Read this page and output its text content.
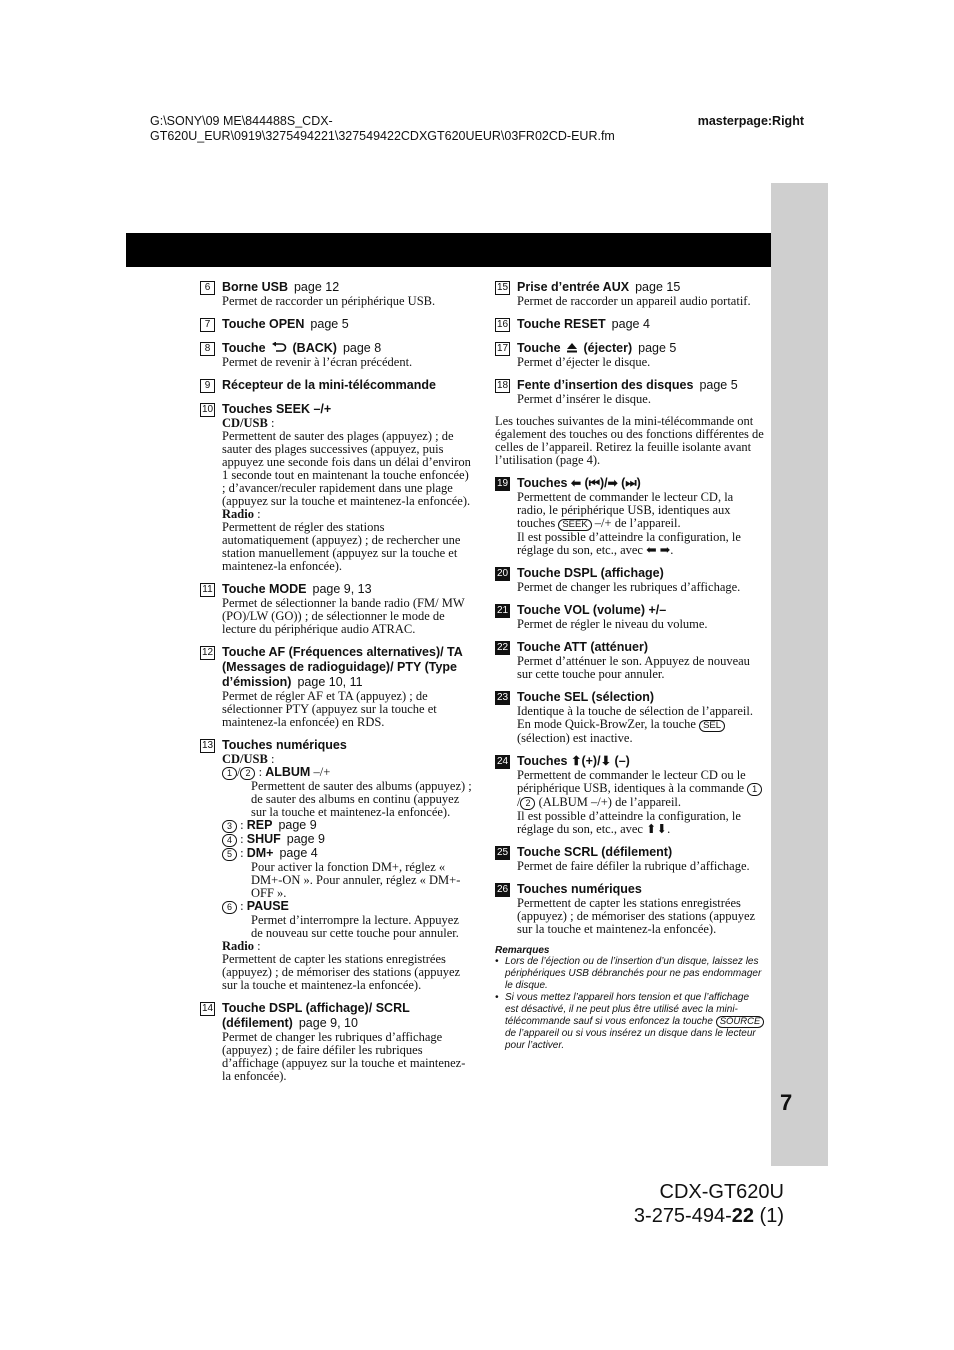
G:\SONY\09 ME\844488S_CDX-
GT620U_EUR\0919\3275494221\327549422CDXGT620UEUR\03FR02CD-EUR.fm
masterpage:Right
7
6 Borne USB page 12
Permet de raccorder un périphérique USB.
7 Touche OPEN page 5
8 Touche (BACK) page 8
Permet de revenir à l’écran précédent.
9 Récepteur de la mini-télécommande
10 Touches SEEK –/+
CD/USB :
Permettent de sauter des plages (appuyez) ; de sauter des plages successives (appuyez, puis appuyez une seconde fois dans un délai d’environ 1 seconde tout en maintenant la touche enfoncée) ; d’avancer/reculer rapidement dans une plage (appuyez sur la touche et maintenez-la enfoncée).
Radio :
Permettent de régler des stations automatiquement (appuyez) ; de rechercher une station manuellement (appuyez sur la touche et maintenez-la enfoncée).
11 Touche MODE page 9, 13
Permet de sélectionner la bande radio (FM/ MW (PO)/LW (GO)) ; de sélectionner le mode de lecture du périphérique audio ATRAC.
12 Touche AF (Fréquences alternatives)/ TA (Messages de radioguidage)/ PTY (Type d’émission) page 10, 11
Permet de régler AF et TA (appuyez) ; de sélectionner PTY (appuyez sur la touche et maintenez-la enfoncée) en RDS.
13 Touches numériques
CD/USB :
1 / 2 : ALBUM –/+
Permettent de sauter des albums (appuyez) ; de sauter des albums en continu (appuyez sur la touche et maintenez-la enfoncée).
3 : REP page 9
4 : SHUF page 9
5 : DM+ page 4
Pour activer la fonction DM+, réglez « DM+-ON ». Pour annuler, réglez « DM+-OFF ».
6 : PAUSE
Permet d’interrompre la lecture. Appuyez de nouveau sur cette touche pour annuler.
Radio :
Permettent de capter les stations enregistrées (appuyez) ; de mémoriser des stations (appuyez sur la touche et maintenez-la enfoncée).
14 Touche DSPL (affichage)/ SCRL (défilement) page 9, 10
Permet de changer les rubriques d’affichage (appuyez) ; de faire défiler les rubriques d’affichage (appuyez sur la touche et maintenez-la enfoncée).
15 Prise d’entrée AUX page 15
Permet de raccorder un appareil audio portatif.
16 Touche RESET page 4
17 Touche (éjecter) page 5
Permet d’éjecter le disque.
18 Fente d’insertion des disques page 5
Permet d’insérer le disque.
Les touches suivantes de la mini-télécommande ont également des touches ou des fonctions différentes de celles de l’appareil. Retirez la feuille isolante avant l’utilisation (page 4).
19 Touches ⬅ (⏮)/➡ (⏭)
Permettent de commander le lecteur CD, la radio, le périphérique USB, identiques aux touches SEEK –/+ de l’appareil.
Il est possible d’atteindre la configuration, le réglage du son, etc., avec ⬅ ➡.
20 Touche DSPL (affichage)
Permet de changer les rubriques d’affichage.
21 Touche VOL (volume) +/–
Permet de régler le niveau du volume.
22 Touche ATT (atténuer)
Permet d’atténuer le son. Appuyez de nouveau sur cette touche pour annuler.
23 Touche SEL (sélection)
Identique à la touche de sélection de l’appareil.
En mode Quick-BrowZer, la touche SEL
(sélection) est inactive.
24 Touches ⬆(+)/⬇ (–)
Permettent de commander le lecteur CD ou le périphérique USB, identiques à la commande 1/ 2 (ALBUM –/+) de l’appareil.
Il est possible d’atteindre la configuration, le réglage du son, etc., avec ⬆⬇.
25 Touche SCRL (défilement)
Permet de faire défiler la rubrique d’affichage.
26 Touches numériques
Permettent de capter les stations enregistrées (appuyez) ; de mémoriser des stations (appuyez sur la touche et maintenez-la enfoncée).
Remarques
• Lors de l’éjection ou de l’insertion d’un disque, laissez les périphériques USB débranchés pour ne pas endommager le disque.
• Si vous mettez l’appareil hors tension et que l’affichage est désactivé, il ne peut plus être utilisé avec la mini-télécommande sauf si vous enfoncez la touche SOURCE de l’appareil ou si vous insérez un disque dans le lecteur pour l’activer.
CDX-GT620U
3-275-494-22 (1)
